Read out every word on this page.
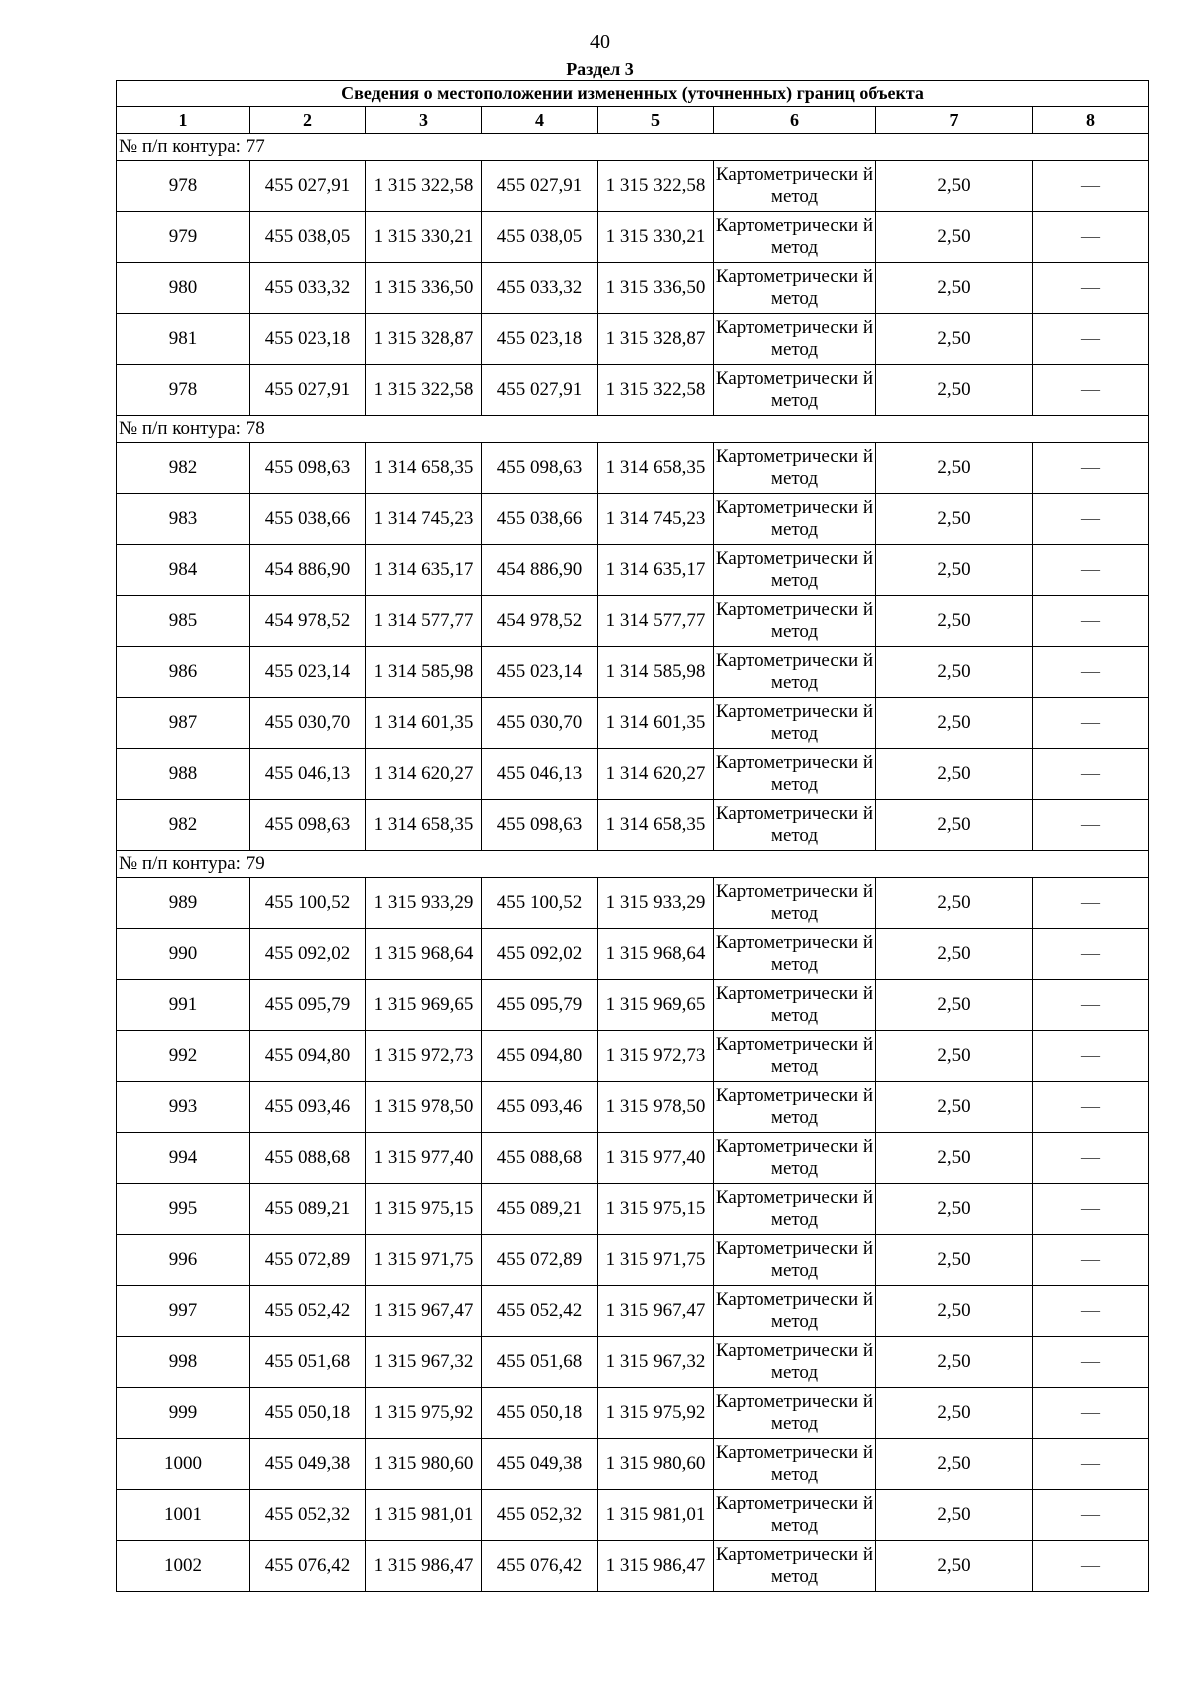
40
Раздел 3
Сведения о местоположении измененных (уточненных) границ объекта							
1	2	3	4	5	6	7	8
№ п/п контура: 77							
978	455 027,91	1 315 322,58	455 027,91	1 315 322,58	Картометрически й метод	2,50	—
979	455 038,05	1 315 330,21	455 038,05	1 315 330,21	Картометрически й метод	2,50	—
980	455 033,32	1 315 336,50	455 033,32	1 315 336,50	Картометрически й метод	2,50	—
981	455 023,18	1 315 328,87	455 023,18	1 315 328,87	Картометрически й метод	2,50	—
978	455 027,91	1 315 322,58	455 027,91	1 315 322,58	Картометрически й метод	2,50	—
№ п/п контура: 78							
982	455 098,63	1 314 658,35	455 098,63	1 314 658,35	Картометрически й метод	2,50	—
983	455 038,66	1 314 745,23	455 038,66	1 314 745,23	Картометрически й метод	2,50	—
984	454 886,90	1 314 635,17	454 886,90	1 314 635,17	Картометрически й метод	2,50	—
985	454 978,52	1 314 577,77	454 978,52	1 314 577,77	Картометрически й метод	2,50	—
986	455 023,14	1 314 585,98	455 023,14	1 314 585,98	Картометрически й метод	2,50	—
987	455 030,70	1 314 601,35	455 030,70	1 314 601,35	Картометрически й метод	2,50	—
988	455 046,13	1 314 620,27	455 046,13	1 314 620,27	Картометрически й метод	2,50	—
982	455 098,63	1 314 658,35	455 098,63	1 314 658,35	Картометрически й метод	2,50	—
№ п/п контура: 79							
989	455 100,52	1 315 933,29	455 100,52	1 315 933,29	Картометрически й метод	2,50	—
990	455 092,02	1 315 968,64	455 092,02	1 315 968,64	Картометрически й метод	2,50	—
991	455 095,79	1 315 969,65	455 095,79	1 315 969,65	Картометрически й метод	2,50	—
992	455 094,80	1 315 972,73	455 094,80	1 315 972,73	Картометрически й метод	2,50	—
993	455 093,46	1 315 978,50	455 093,46	1 315 978,50	Картометрически й метод	2,50	—
994	455 088,68	1 315 977,40	455 088,68	1 315 977,40	Картометрически й метод	2,50	—
995	455 089,21	1 315 975,15	455 089,21	1 315 975,15	Картометрически й метод	2,50	—
996	455 072,89	1 315 971,75	455 072,89	1 315 971,75	Картометрически й метод	2,50	—
997	455 052,42	1 315 967,47	455 052,42	1 315 967,47	Картометрически й метод	2,50	—
998	455 051,68	1 315 967,32	455 051,68	1 315 967,32	Картометрически й метод	2,50	—
999	455 050,18	1 315 975,92	455 050,18	1 315 975,92	Картометрически й метод	2,50	—
1000	455 049,38	1 315 980,60	455 049,38	1 315 980,60	Картометрически й метод	2,50	—
1001	455 052,32	1 315 981,01	455 052,32	1 315 981,01	Картометрически й метод	2,50	—
1002	455 076,42	1 315 986,47	455 076,42	1 315 986,47	Картометрически й метод	2,50	—
